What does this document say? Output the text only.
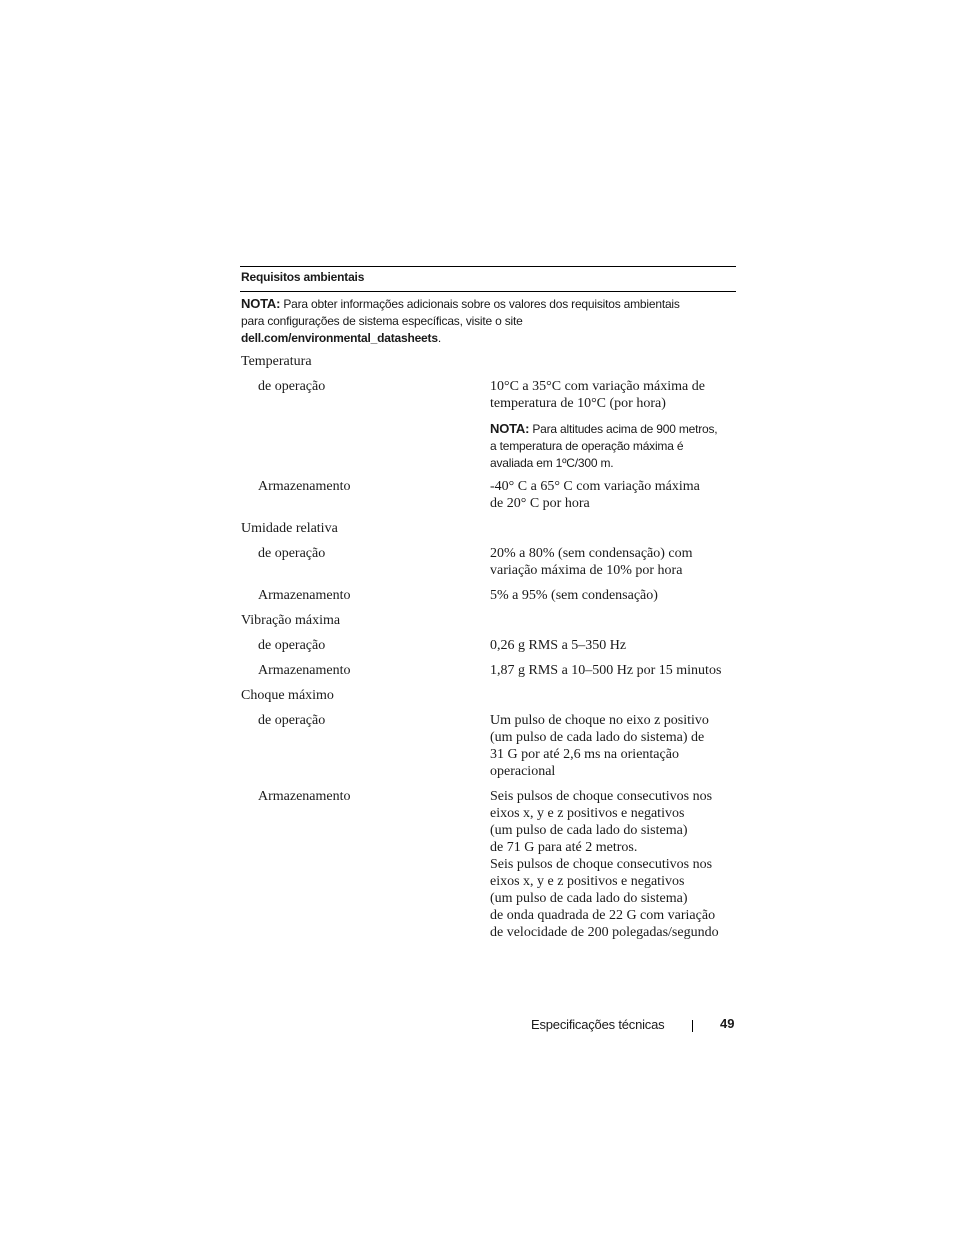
Requisitos ambientais
NOTA: Para obter informações adicionais sobre os valores dos requisitos ambientais
para configurações de sistema específicas, visite o site
dell.com/environmental_datasheets.
Temperatura
de operação	10°C a 35°C com variação máxima de
temperatura de 10°C (por hora)
NOTA: Para altitudes acima de 900 metros,
a temperatura de operação máxima é
avaliada em 1ºC/300 m.
Armazenamento	-40° C a 65° C com variação máxima
de 20° C por hora
Umidade relativa
de operação	20% a 80% (sem condensação) com
variação máxima de 10% por hora
Armazenamento	5% a 95% (sem condensação)
Vibração máxima
de operação	0,26 g RMS a 5–350 Hz
Armazenamento	1,87 g RMS a 10–500 Hz por 15 minutos
Choque máximo
de operação	Um pulso de choque no eixo z positivo
(um pulso de cada lado do sistema) de
31 G por até 2,6 ms na orientação
operacional
Armazenamento	Seis pulsos de choque consecutivos nos
eixos x, y e z positivos e negativos
(um pulso de cada lado do sistema)
de 71 G para até 2 metros.
Seis pulsos de choque consecutivos nos
eixos x, y e z positivos e negativos
(um pulso de cada lado do sistema)
de onda quadrada de 22 G com variação
de velocidade de 200 polegadas/segundo
Especificações técnicas	49
